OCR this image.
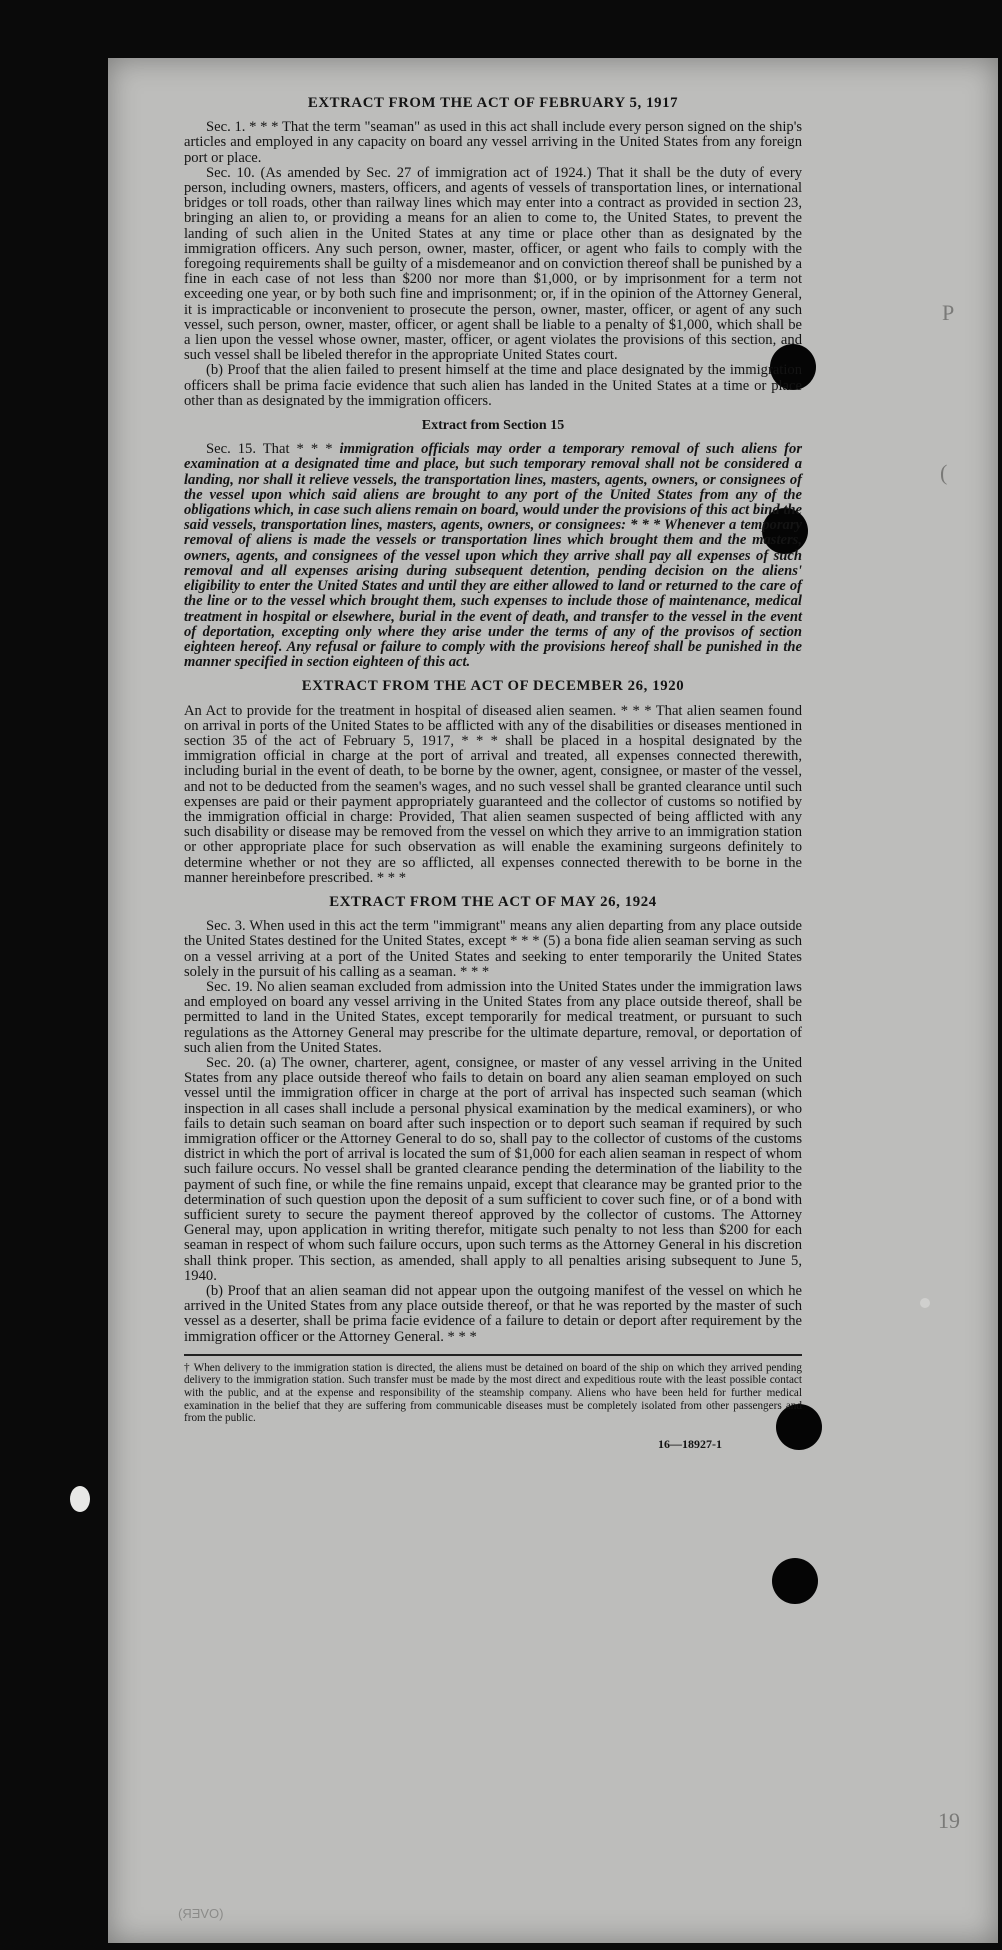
P
(
19
(OVER)
EXTRACT FROM THE ACT OF FEBRUARY 5, 1917

Sec. 1. * * * That the term "seaman" as used in this act shall include every person signed on the ship's articles and employed in any capacity on board any vessel arriving in the United States from any foreign port or place.

Sec. 10. (As amended by Sec. 27 of immigration act of 1924.) That it shall be the duty of every person, including owners, masters, officers, and agents of vessels of transportation lines, or international bridges or toll roads, other than railway lines which may enter into a contract as provided in section 23, bringing an alien to, or providing a means for an alien to come to, the United States, to prevent the landing of such alien in the United States at any time or place other than as designated by the immigration officers. Any such person, owner, master, officer, or agent who fails to comply with the foregoing requirements shall be guilty of a misdemeanor and on conviction thereof shall be punished by a fine in each case of not less than $200 nor more than $1,000, or by imprisonment for a term not exceeding one year, or by both such fine and imprisonment; or, if in the opinion of the Attorney General, it is impracticable or inconvenient to prosecute the person, owner, master, officer, or agent of any such vessel, such person, owner, master, officer, or agent shall be liable to a penalty of $1,000, which shall be a lien upon the vessel whose owner, master, officer, or agent violates the provisions of this section, and such vessel shall be libeled therefor in the appropriate United States court.

(b) Proof that the alien failed to present himself at the time and place designated by the immigration officers shall be prima facie evidence that such alien has landed in the United States at a time or place other than as designated by the immigration officers.

Extract from Section 15

Sec. 15. That * * * immigration officials may order a temporary removal of such aliens for examination at a designated time and place, but such temporary removal shall not be considered a landing, nor shall it relieve vessels, the transportation lines, masters, agents, owners, or consignees of the vessel upon which said aliens are brought to any port of the United States from any of the obligations which, in case such aliens remain on board, would under the provisions of this act bind the said vessels, transportation lines, masters, agents, owners, or consignees: * * * Whenever a temporary removal of aliens is made the vessels or transportation lines which brought them and the masters, owners, agents, and consignees of the vessel upon which they arrive shall pay all expenses of such removal and all expenses arising during subsequent detention, pending decision on the aliens' eligibility to enter the United States and until they are either allowed to land or returned to the care of the line or to the vessel which brought them, such expenses to include those of maintenance, medical treatment in hospital or elsewhere, burial in the event of death, and transfer to the vessel in the event of deportation, excepting only where they arise under the terms of any of the provisos of section eighteen hereof. Any refusal or failure to comply with the provisions hereof shall be punished in the manner specified in section eighteen of this act.

EXTRACT FROM THE ACT OF DECEMBER 26, 1920

An Act to provide for the treatment in hospital of diseased alien seamen. * * * That alien seamen found on arrival in ports of the United States to be afflicted with any of the disabilities or diseases mentioned in section 35 of the act of February 5, 1917, * * * shall be placed in a hospital designated by the immigration official in charge at the port of arrival and treated, all expenses connected therewith, including burial in the event of death, to be borne by the owner, agent, consignee, or master of the vessel, and not to be deducted from the seamen's wages, and no such vessel shall be granted clearance until such expenses are paid or their payment appropriately guaranteed and the collector of customs so notified by the immigration official in charge: Provided, That alien seamen suspected of being afflicted with any such disability or disease may be removed from the vessel on which they arrive to an immigration station or other appropriate place for such observation as will enable the examining surgeons definitely to determine whether or not they are so afflicted, all expenses connected therewith to be borne in the manner hereinbefore prescribed. * * *

EXTRACT FROM THE ACT OF MAY 26, 1924

Sec. 3. When used in this act the term "immigrant" means any alien departing from any place outside the United States destined for the United States, except * * * (5) a bona fide alien seaman serving as such on a vessel arriving at a port of the United States and seeking to enter temporarily the United States solely in the pursuit of his calling as a seaman. * * *

Sec. 19. No alien seaman excluded from admission into the United States under the immigration laws and employed on board any vessel arriving in the United States from any place outside thereof, shall be permitted to land in the United States, except temporarily for medical treatment, or pursuant to such regulations as the Attorney General may prescribe for the ultimate departure, removal, or deportation of such alien from the United States.

Sec. 20. (a) The owner, charterer, agent, consignee, or master of any vessel arriving in the United States from any place outside thereof who fails to detain on board any alien seaman employed on such vessel until the immigration officer in charge at the port of arrival has inspected such seaman (which inspection in all cases shall include a personal physical examination by the medical examiners), or who fails to detain such seaman on board after such inspection or to deport such seaman if required by such immigration officer or the Attorney General to do so, shall pay to the collector of customs of the customs district in which the port of arrival is located the sum of $1,000 for each alien seaman in respect of whom such failure occurs. No vessel shall be granted clearance pending the determination of the liability to the payment of such fine, or while the fine remains unpaid, except that clearance may be granted prior to the determination of such question upon the deposit of a sum sufficient to cover such fine, or of a bond with sufficient surety to secure the payment thereof approved by the collector of customs. The Attorney General may, upon application in writing therefor, mitigate such penalty to not less than $200 for each seaman in respect of whom such failure occurs, upon such terms as the Attorney General in his discretion shall think proper. This section, as amended, shall apply to all penalties arising subsequent to June 5, 1940.

(b) Proof that an alien seaman did not appear upon the outgoing manifest of the vessel on which he arrived in the United States from any place outside thereof, or that he was reported by the master of such vessel as a deserter, shall be prima facie evidence of a failure to detain or deport after requirement by the immigration officer or the Attorney General. * * *

† When delivery to the immigration station is directed, the aliens must be detained on board of the ship on which they arrived pending delivery to the immigration station. Such transfer must be made by the most direct and expeditious route with the least possible contact with the public, and at the expense and responsibility of the steamship company. Aliens who have been held for further medical examination in the belief that they are suffering from communicable diseases must be completely isolated from other passengers and from the public.
16—18927-1
